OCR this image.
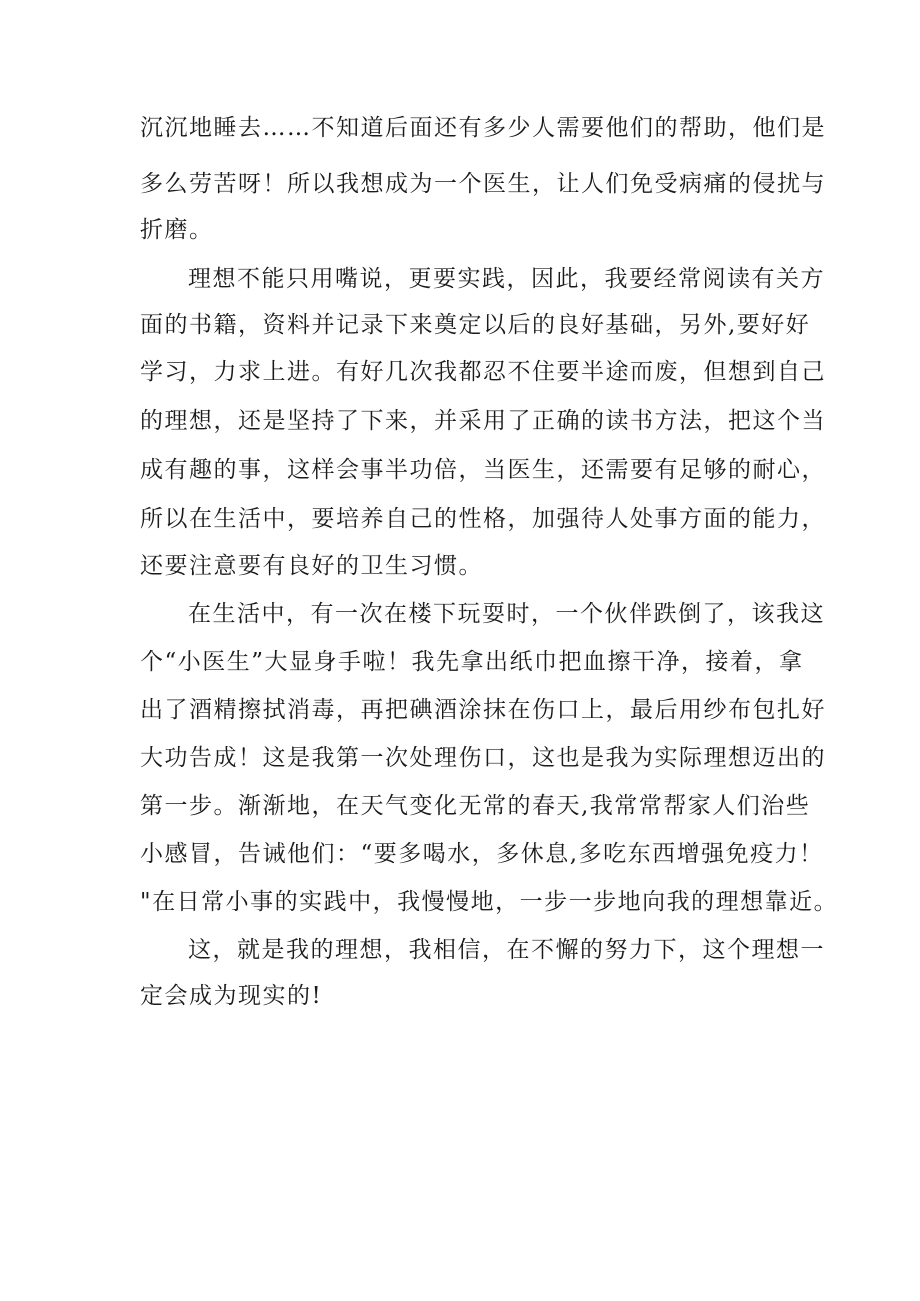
沉沉地睡去……不知道后面还有多少人需要他们的帮助，他们是
多么劳苦呀！所以我想成为一个医生，让人们免受病痛的侵扰与
折磨。
理想不能只用嘴说，更要实践，因此，我要经常阅读有关方
面的书籍，资料并记录下来奠定以后的良好基础，另外,要好好
学习，力求上进。有好几次我都忍不住要半途而废，但想到自己
的理想，还是坚持了下来，并采用了正确的读书方法，把这个当
成有趣的事，这样会事半功倍，当医生，还需要有足够的耐心，
所以在生活中，要培养自己的性格，加强待人处事方面的能力，
还要注意要有良好的卫生习惯。
在生活中，有一次在楼下玩耍时，一个伙伴跌倒了，该我这
个“小医生”大显身手啦！我先拿出纸巾把血擦干净，接着，拿
出了酒精擦拭消毒，再把碘酒涂抹在伤口上，最后用纱布包扎好
大功告成！这是我第一次处理伤口，这也是我为实际理想迈出的
第一步。渐渐地，在天气变化无常的春天,我常常帮家人们治些
小感冒，告诫他们：“要多喝水，多休息,多吃东西增强免疫力！
"在日常小事的实践中，我慢慢地，一步一步地向我的理想靠近。
这，就是我的理想，我相信，在不懈的努力下，这个理想一
定会成为现实的!
